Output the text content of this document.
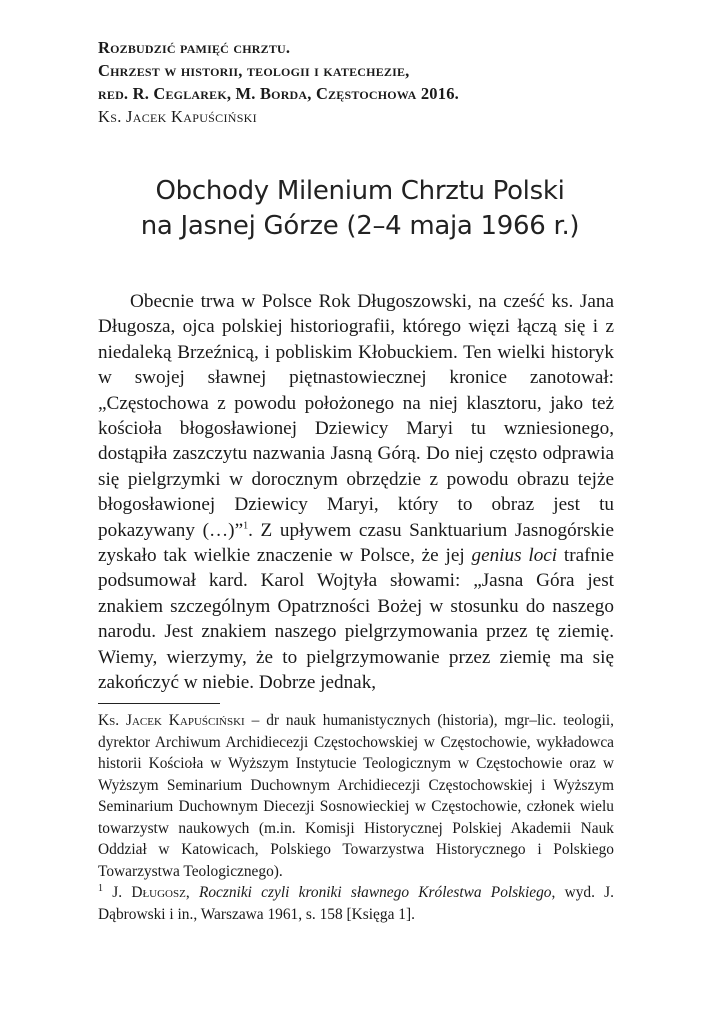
Rozbudzić pamięć chrztu.
Chrzest w historii, teologii i katechezie,
red. R. Ceglarek, M. Borda, Częstochowa 2016.
Ks. Jacek Kapuściński
Obchody Milenium Chrztu Polski
na Jasnej Górze (2–4 maja 1966 r.)

Obecnie trwa w Polsce Rok Długoszowski, na cześć ks. Jana Długosza, ojca polskiej historiografii, którego więzi łączą się i z niedaleką Brzeźnicą, i pobliskim Kłobuckiem. Ten wielki historyk w swojej sławnej piętnastowiecznej kronice zanotował: „Częstochowa z powodu położonego na niej klasztoru, jako też kościoła błogosławionej Dziewicy Maryi tu wzniesionego, dostąpiła zaszczytu nazwania Jasną Górą. Do niej często odprawia się pielgrzymki w dorocznym obrzędzie z powodu obrazu tejże błogosławionej Dziewicy Maryi, który to obraz jest tu pokazywany (…)”$^1$. Z upływem czasu Sanktuarium Jasnogórskie zyskało tak wielkie znaczenie w Polsce, że jej genius loci trafnie podsumował kard. Karol Wojtyła słowami: „Jasna Góra jest znakiem szczególnym Opatrzności Bożej w stosunku do naszego narodu. Jest znakiem naszego pielgrzymowania przez tę ziemię. Wiemy, wierzymy, że to pielgrzymowanie przez ziemię ma się zakończyć w niebie. Dobrze jednak,

Ks. Jacek Kapuściński – dr nauk humanistycznych (historia), mgr–lic. teologii, dyrektor Archiwum Archidiecezji Częstochowskiej w Częstochowie, wykładowca historii Kościoła w Wyższym Instytucie Teologicznym w Częstochowie oraz w Wyższym Seminarium Duchownym Archidiecezji Częstochowskiej i Wyższym Seminarium Duchownym Diecezji Sosnowieckiej w Częstochowie, członek wielu towarzystw naukowych (m.in. Komisji Historycznej Polskiej Akademii Nauk Oddział w Katowicach, Polskiego Towarzystwa Historycznego i Polskiego Towarzystwa Teologicznego).

$^1$ J. Długosz, Roczniki czyli kroniki sławnego Królestwa Polskiego, wyd. J. Dąbrowski i in., Warszawa 1961, s. 158 [Księga 1].
